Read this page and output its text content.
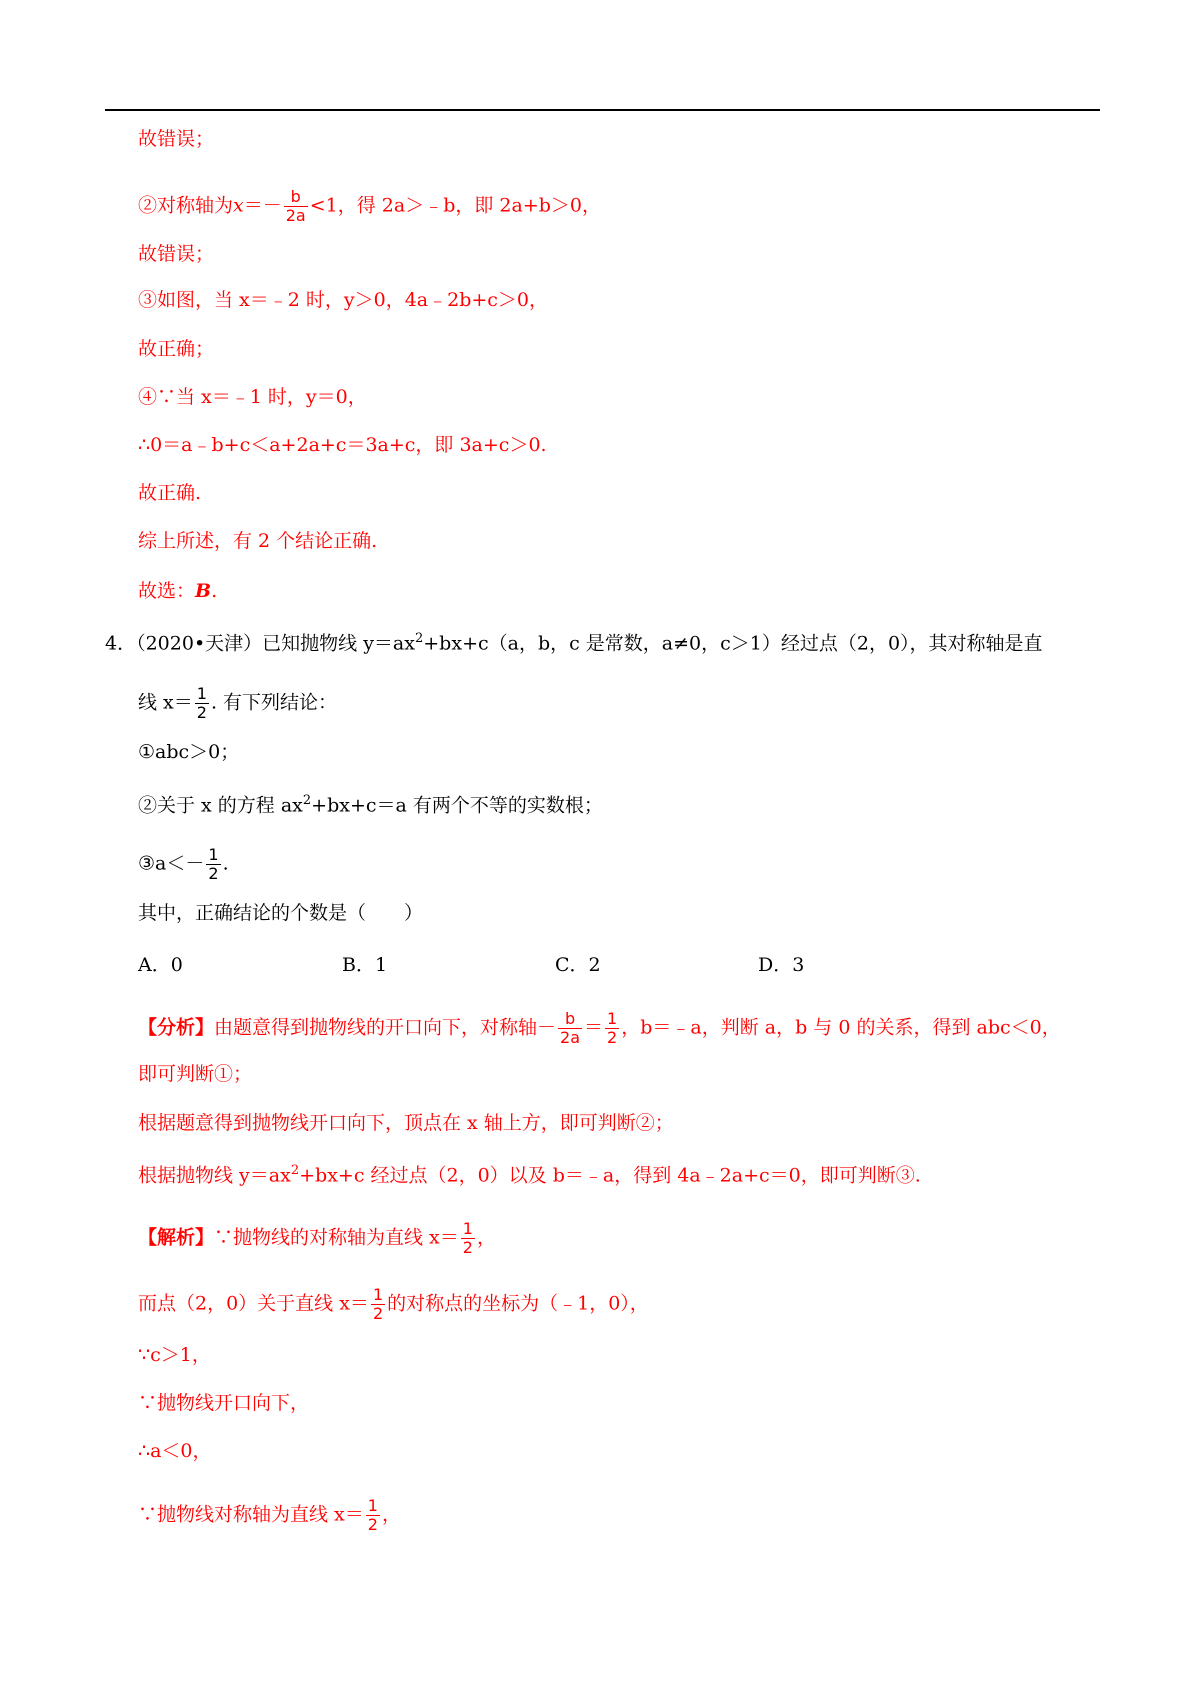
故错误；
②对称轴为$x=- \frac{b}{2a} <1$，得 2a＞﹣b，即 2a+b＞0，
故错误；
③如图，当 x＝﹣2 时，y＞0，4a﹣2b+c＞0，
故正确；
④∵当 x＝﹣1 时，y＝0，
∴0＝a﹣b+c＜a+2a+c＝3a+c，即 3a+c＞0.
故正确.
综上所述，有 2 个结论正确.
故选：B.
4．（2020•天津）已知抛物线 $y=ax^2+bx+c(a$，b，c 是常数，a≠0，c＞1）经过点（2，0），其对称轴是直
线 $x= \frac{1}{2}$ . 有下列结论：
①abc＞0；
②关于 x 的方程 $ax^2+bx+c=a$ 有两个不等的实数根；
③a＜－ $\frac{1}{2}$ .
其中，正确结论的个数是（　　）
A．0	B．1	C．2	D．3
【分析】由题意得到抛物线的开口向下，对称轴－ $\frac{b}{2a} = \frac{1}{2}$ ，b＝﹣a，判断 a，b 与 0 的关系，得到 abc＜0，
即可判断①；
根据题意得到抛物线开口向下，顶点在 x 轴上方，即可判断②；
根据抛物线 $y=ax^2+bx+c$ 经过点（2，0）以及 b＝﹣a，得到 4a﹣2a+c＝0，即可判断③.
【解析】∵抛物线的对称轴为直线 $x= \frac{1}{2}$ ，
而点（2，0）关于直线 $x= \frac{1}{2}$ 的对称点的坐标为（﹣1，0），
∵c＞1，
∵抛物线开口向下，
∴a＜0，
∵抛物线对称轴为直线 $x= \frac{1}{2}$ ，
